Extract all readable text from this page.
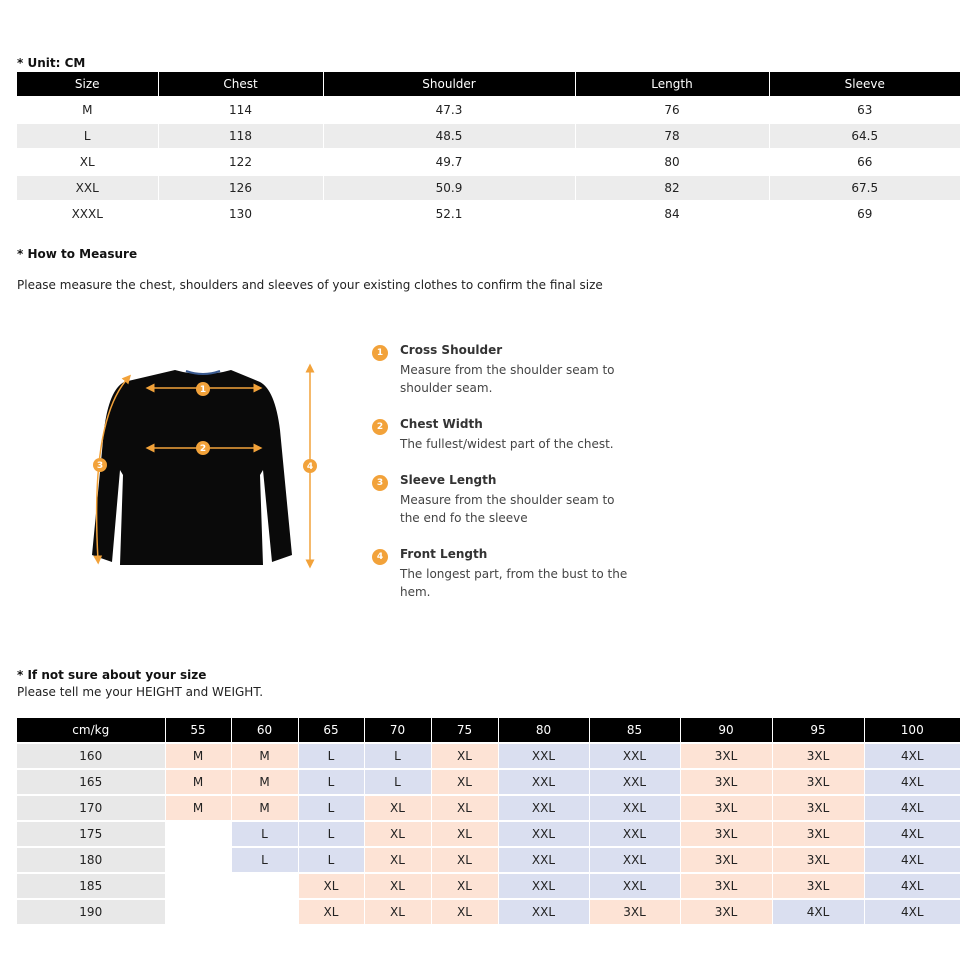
* Unit: CM
Size	Chest	Shoulder	Length	Sleeve
M	114	47.3	76	63
L	118	48.5	78	64.5
XL	122	49.7	80	66
XXL	126	50.9	82	67.5
XXXL	130	52.1	84	69
* How to Measure
Please measure the chest, shoulders and sleeves of your existing clothes to confirm the final size
1
2
3	4
1	Cross Shoulder
Measure from the shoulder seam to shoulder seam.
2	Chest Width
The fullest/widest part of the chest.
3	Sleeve Length
Measure from the shoulder seam to the end fo the sleeve
4	Front Length
The longest part, from the bust to the hem.
* If not sure about your size
Please tell me your HEIGHT and WEIGHT.
cm/kg	55	60	65	70	75	80	85	90	95	100
160	M	M	L	L	XL	XXL	XXL	3XL	3XL	4XL
165	M	M	L	L	XL	XXL	XXL	3XL	3XL	4XL
170	M	M	L	XL	XL	XXL	XXL	3XL	3XL	4XL
175		L	L	XL	XL	XXL	XXL	3XL	3XL	4XL
180		L	L	XL	XL	XXL	XXL	3XL	3XL	4XL
185			XL	XL	XL	XXL	XXL	3XL	3XL	4XL
190			XL	XL	XL	XXL	3XL	3XL	4XL	4XL
